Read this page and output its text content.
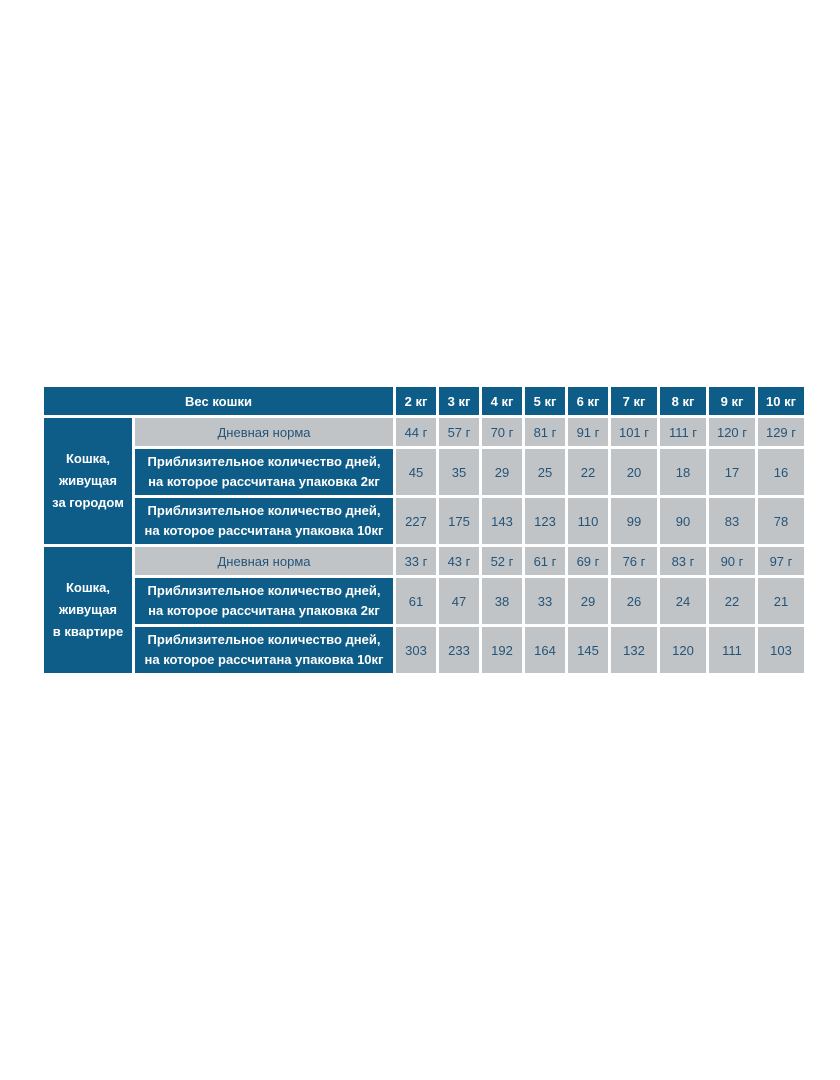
Вес кошки		2 кг	3 кг	4 кг	5 кг	6 кг	7 кг	8 кг	9 кг	10 кг
Кошка,
живущая
за городом	Дневная норма	44 г	57 г	70 г	81 г	91 г	101 г	111 г	120 г	129 г
	Приблизительное количество дней,
на которое рассчитана упаковка 2кг	45	35	29	25	22	20	18	17	16
	Приблизительное количество дней,
на которое рассчитана упаковка 10кг	227	175	143	123	110	99	90	83	78
Кошка,
живущая
в квартире	Дневная норма	33 г	43 г	52 г	61 г	69 г	76 г	83 г	90 г	97 г
	Приблизительное количество дней,
на которое рассчитана упаковка 2кг	61	47	38	33	29	26	24	22	21
	Приблизительное количество дней,
на которое рассчитана упаковка 10кг	303	233	192	164	145	132	120	111	103
